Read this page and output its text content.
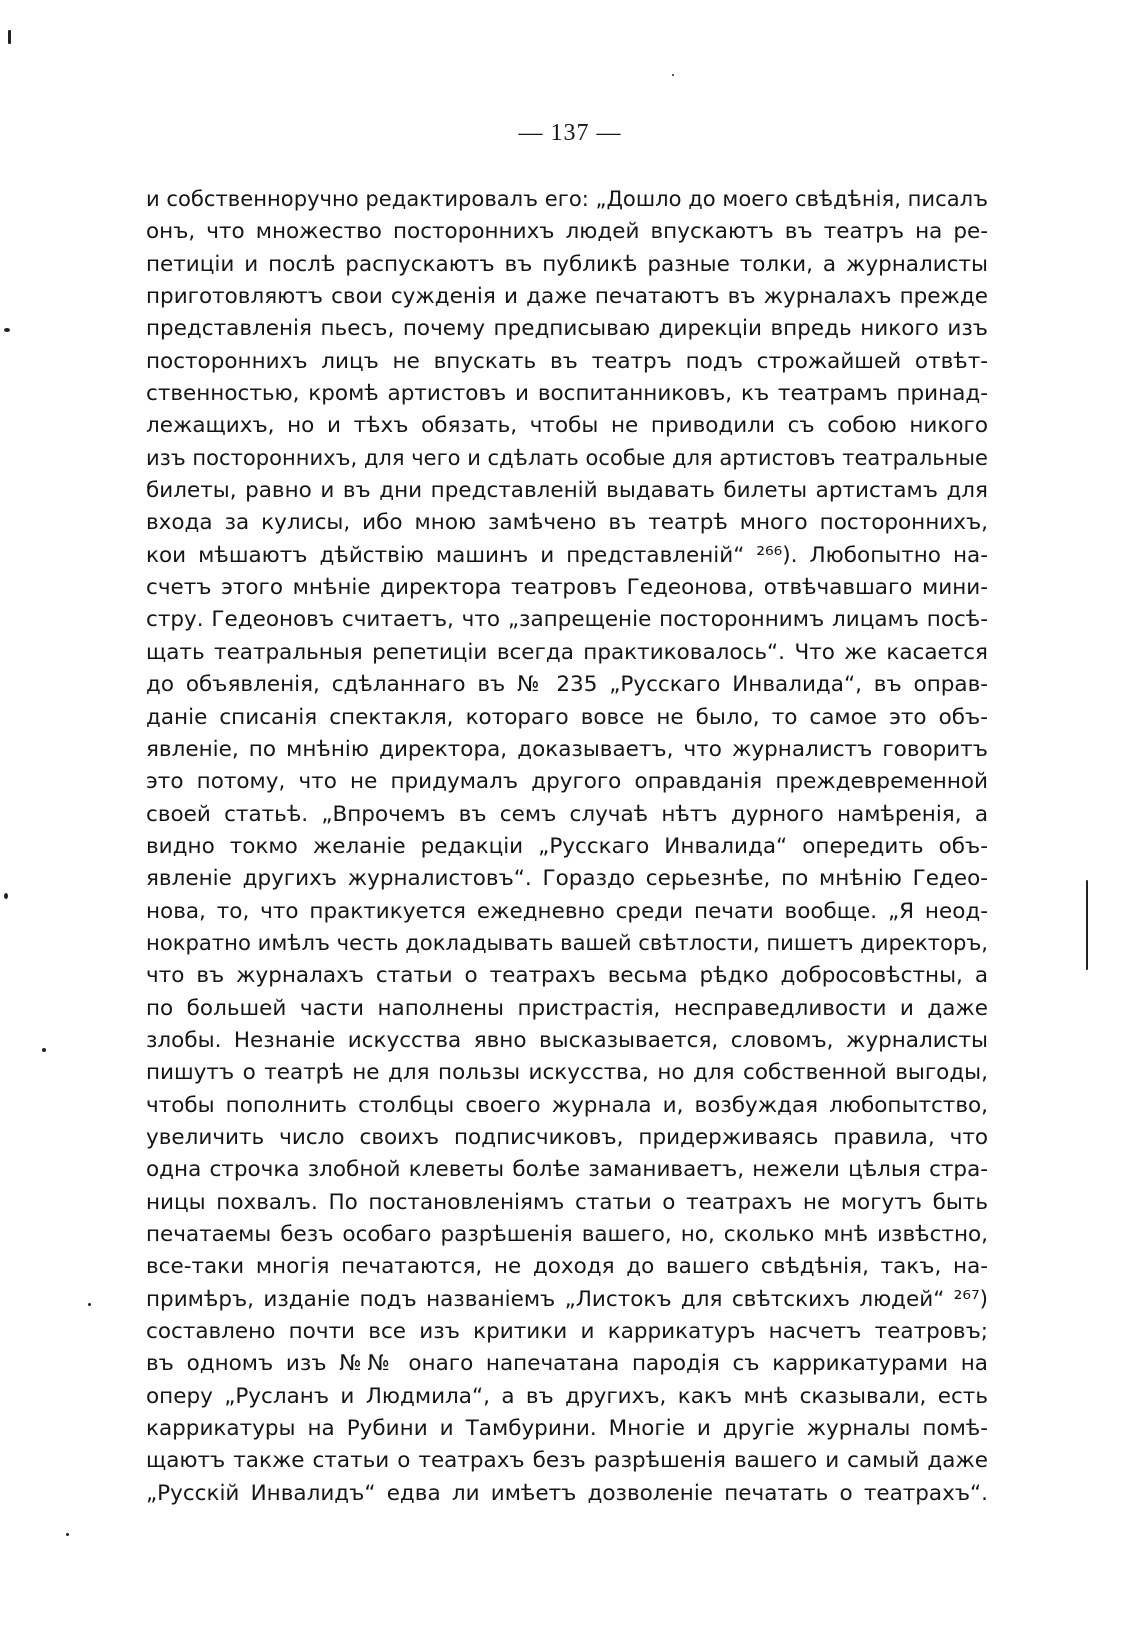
— 137 —
и собственноручно редактировалъ его: „Дошло до моего свѣдѣнія, писалъ
онъ, что множество постороннихъ людей впускаютъ въ театръ на ре-
петиціи и послѣ распускаютъ въ публикѣ разные толки, а журналисты
приготовляютъ свои сужденія и даже печатаютъ въ журналахъ прежде
представленія пьесъ, почему предписываю дирекціи впредь никого изъ
постороннихъ лицъ не впускать въ театръ подъ строжайшей отвѣт-
ственностью, кромѣ артистовъ и воспитанниковъ, къ театрамъ принад-
лежащихъ, но и тѣхъ обязать, чтобы не приводили съ собою никого
изъ постороннихъ, для чего и сдѣлать особые для артистовъ театральные
билеты, равно и въ дни представленій выдавать билеты артистамъ для
входа за кулисы, ибо мною замѣчено въ театрѣ много постороннихъ,
кои мѣшаютъ дѣйствію машинъ и представленій“ ²⁶⁶). Любопытно на-
счетъ этого мнѣніе директора театровъ Гедеонова, отвѣчавшаго мини-
стру. Гедеоновъ считаетъ, что „запрещеніе постороннимъ лицамъ посѣ-
щать театральныя репетиціи всегда практиковалось“. Что же касается
до объявленія, сдѣланнаго въ № 235 „Русскаго Инвалида“, въ оправ-
даніе списанія спектакля, котораго вовсе не было, то самое это объ-
явленіе, по мнѣнію директора, доказываетъ, что журналистъ говоритъ
это потому, что не придумалъ другого оправданія преждевременной
своей статьѣ. „Впрочемъ въ семъ случаѣ нѣтъ дурного намѣренія, а
видно токмо желаніе редакціи „Русскаго Инвалида“ опередить объ-
явленіе другихъ журналистовъ“. Гораздо серьезнѣе, по мнѣнію Гедео-
нова, то, что практикуется ежедневно среди печати вообще. „Я неод-
нократно имѣлъ честь докладывать вашей свѣтлости, пишетъ директоръ,
что въ журналахъ статьи о театрахъ весьма рѣдко добросовѣстны, а
по большей части наполнены пристрастія, несправедливости и даже
злобы. Незнаніе искусства явно высказывается, словомъ, журналисты
пишутъ о театрѣ не для пользы искусства, но для собственной выгоды,
чтобы пополнить столбцы своего журнала и, возбуждая любопытство,
увеличить число своихъ подписчиковъ, придерживаясь правила, что
одна строчка злобной клеветы болѣе заманиваетъ, нежели цѣлыя стра-
ницы похвалъ. По постановленіямъ статьи о театрахъ не могутъ быть
печатаемы безъ особаго разрѣшенія вашего, но, сколько мнѣ извѣстно,
все-таки многія печатаются, не доходя до вашего свѣдѣнія, такъ, на-
примѣръ, изданіе подъ названіемъ „Листокъ для свѣтскихъ людей“ ²⁶⁷)
составлено почти все изъ критики и каррикатуръ насчетъ театровъ;
въ одномъ изъ №№ онаго напечатана пародія съ каррикатурами на
оперу „Русланъ и Людмила“, а въ другихъ, какъ мнѣ сказывали, есть
каррикатуры на Рубини и Тамбурини. Многіе и другіе журналы помѣ-
щаютъ также статьи о театрахъ безъ разрѣшенія вашего и самый даже
„Русскій Инвалидъ“ едва ли имѣетъ дозволеніе печатать о театрахъ“.
